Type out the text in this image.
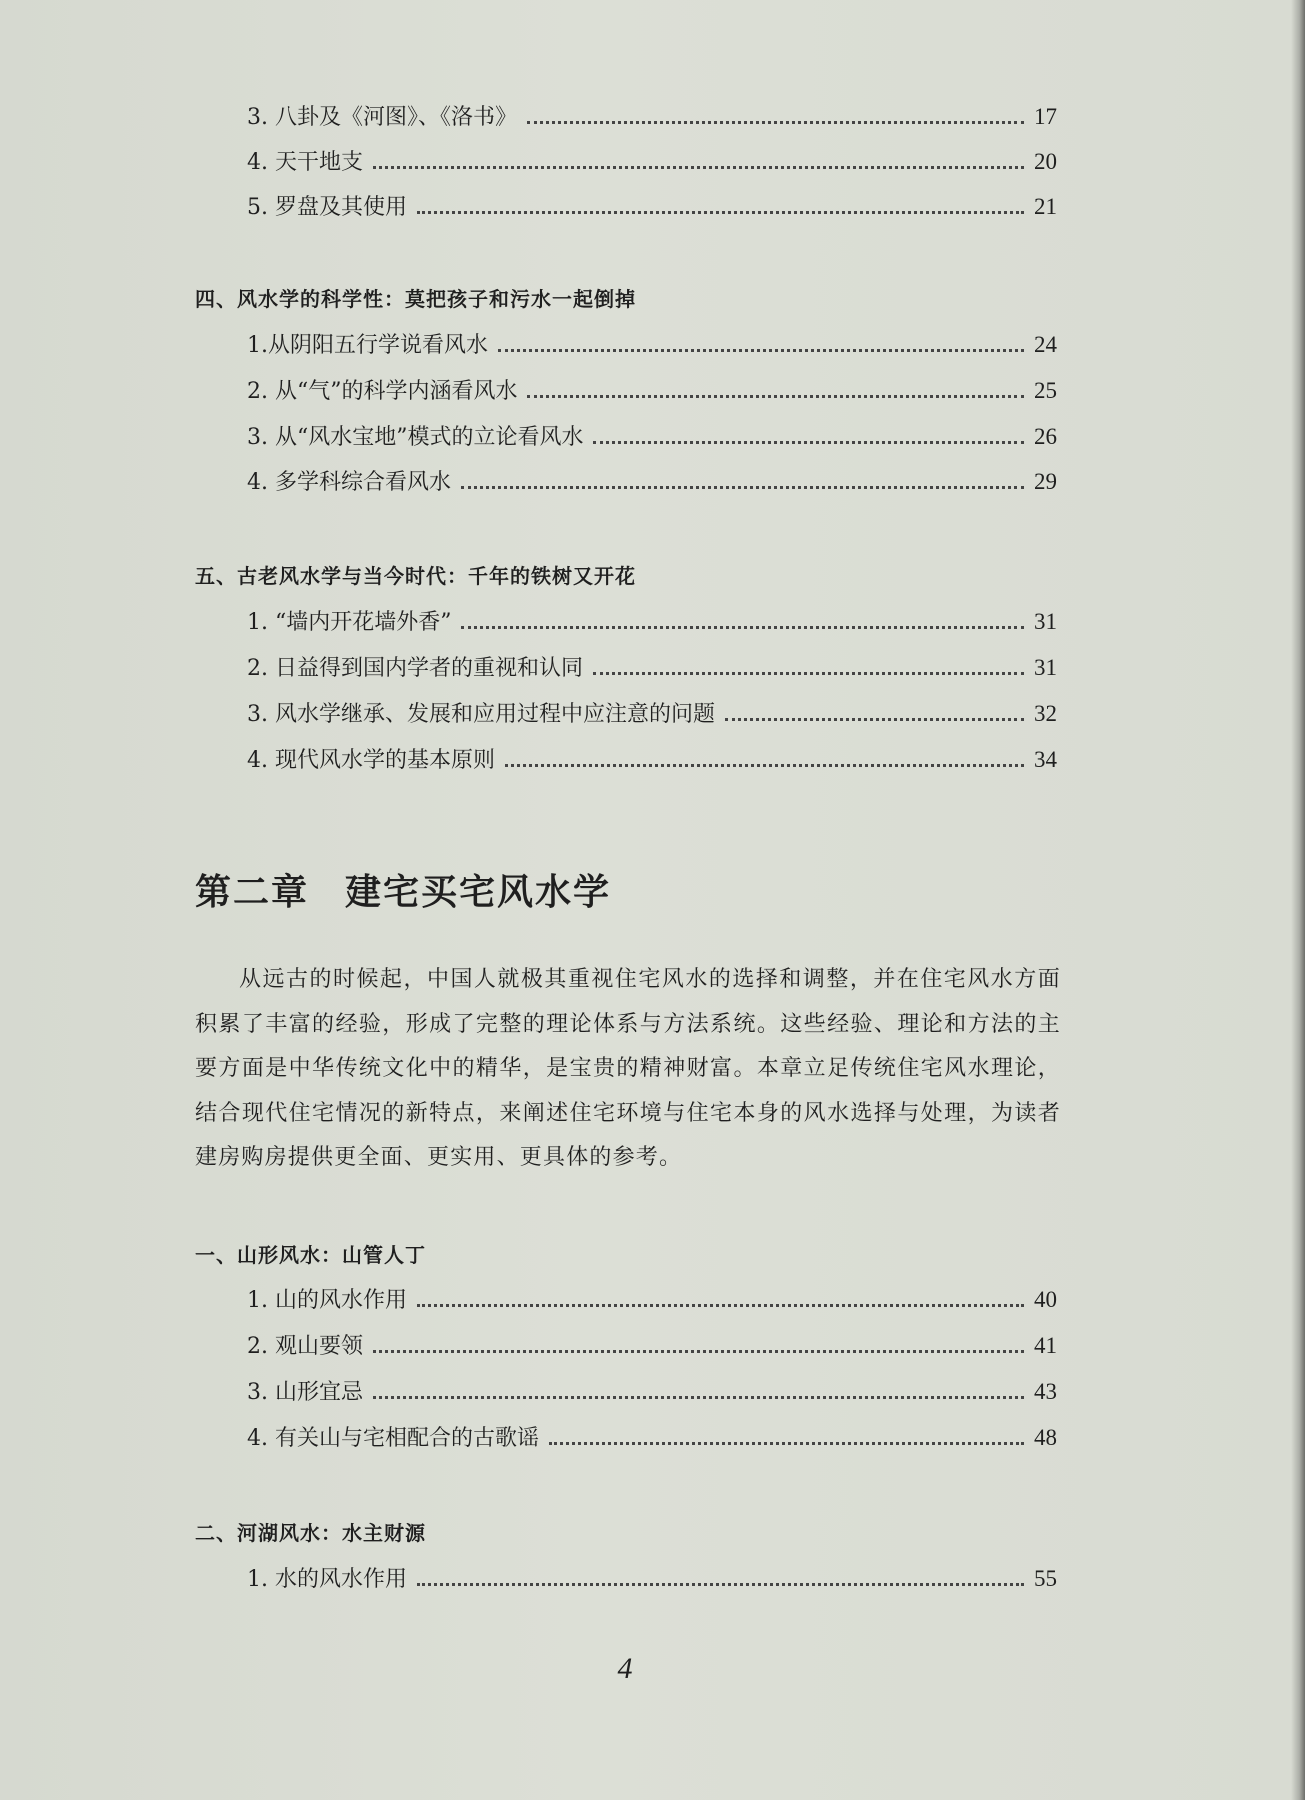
3. 八卦及《河图》、《洛书》	17
4. 天干地支	20
5. 罗盘及其使用	21
四、风水学的科学性：莫把孩子和污水一起倒掉
1.从阴阳五行学说看风水	24
2. 从“气”的科学内涵看风水	25
3. 从“风水宝地”模式的立论看风水	26
4. 多学科综合看风水	29
五、古老风水学与当今时代：千年的铁树又开花
1. “墙内开花墙外香”	31
2. 日益得到国内学者的重视和认同	31
3. 风水学继承、发展和应用过程中应注意的问题	32
4. 现代风水学的基本原则	34
第二章 建宅买宅风水学

从远古的时候起，中国人就极其重视住宅风水的选择和调整，并在住宅风水方面积累了丰富的经验，形成了完整的理论体系与方法系统。这些经验、理论和方法的主要方面是中华传统文化中的精华，是宝贵的精神财富。本章立足传统住宅风水理论，结合现代住宅情况的新特点，来阐述住宅环境与住宅本身的风水选择与处理，为读者建房购房提供更全面、更实用、更具体的参考。

一、山形风水：山管人丁
1. 山的风水作用	40
2. 观山要领	41
3. 山形宜忌	43
4. 有关山与宅相配合的古歌谣	48
二、河湖风水：水主财源
1. 水的风水作用	55
4
